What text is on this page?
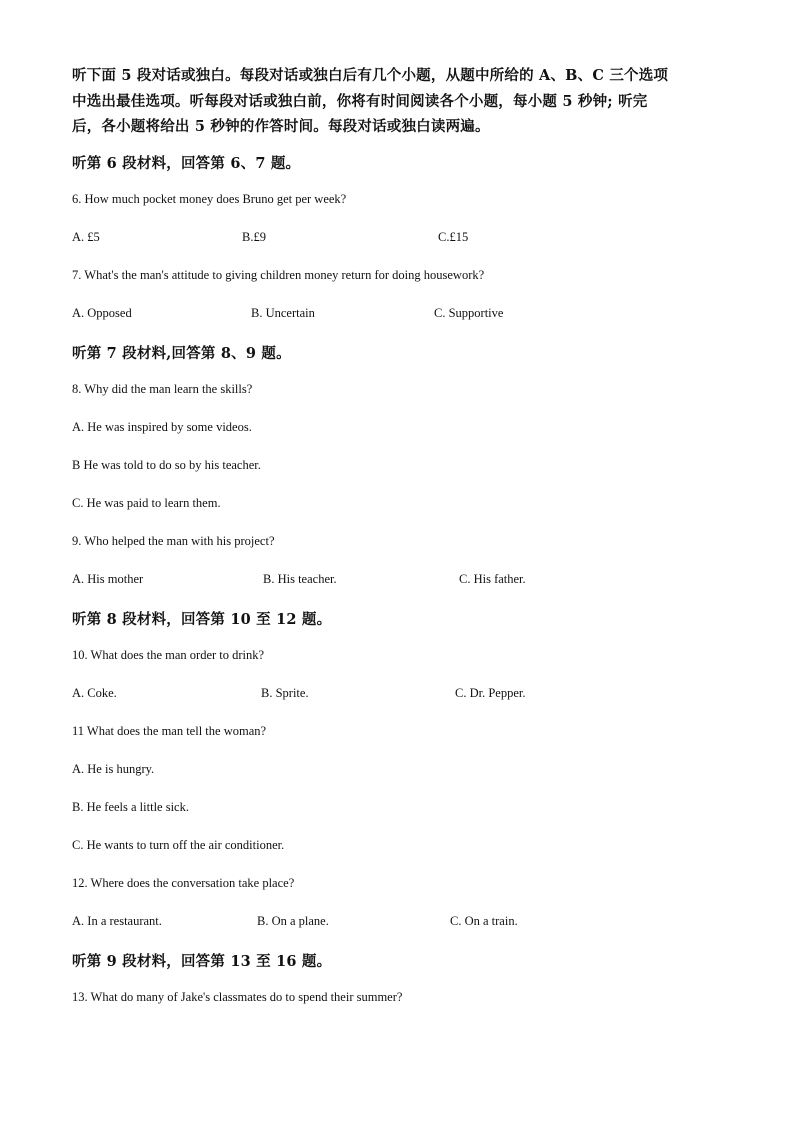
听下面 5 段对话或独白。每段对话或独白后有几个小题，从题中所给的 A、B、C 三个选项
中选出最佳选项。听每段对话或独白前，你将有时间阅读各个小题，每小题 5 秒钟; 听完
后，各小题将给出 5 秒钟的作答时间。每段对话或独白读两遍。
听第 6 段材料，回答第 6、7 题。
6. How much pocket money does Bruno get per week?
A. £5	B.£9	C.£15
7. What's the man's attitude to giving children money return for doing housework?
A. Opposed	B. Uncertain	C. Supportive
听第 7 段材料,回答第 8、9 题。
8. Why did the man learn the skills?
A. He was inspired by some videos.
B He was told to do so by his teacher.
C. He was paid to learn them.
9. Who helped the man with his project?
A. His mother	B. His teacher.	C. His father.
听第 8 段材料，回答第 10 至 12 题。
10. What does the man order to drink?
A. Coke.	B. Sprite.	C. Dr. Pepper.
11 What does the man tell the woman?
A. He is hungry.
B. He feels a little sick.
C. He wants to turn off the air conditioner.
12. Where does the conversation take place?
A. In a restaurant.	B. On a plane.	C. On a train.
听第 9 段材料，回答第 13 至 16 题。
13. What do many of Jake's classmates do to spend their summer?
